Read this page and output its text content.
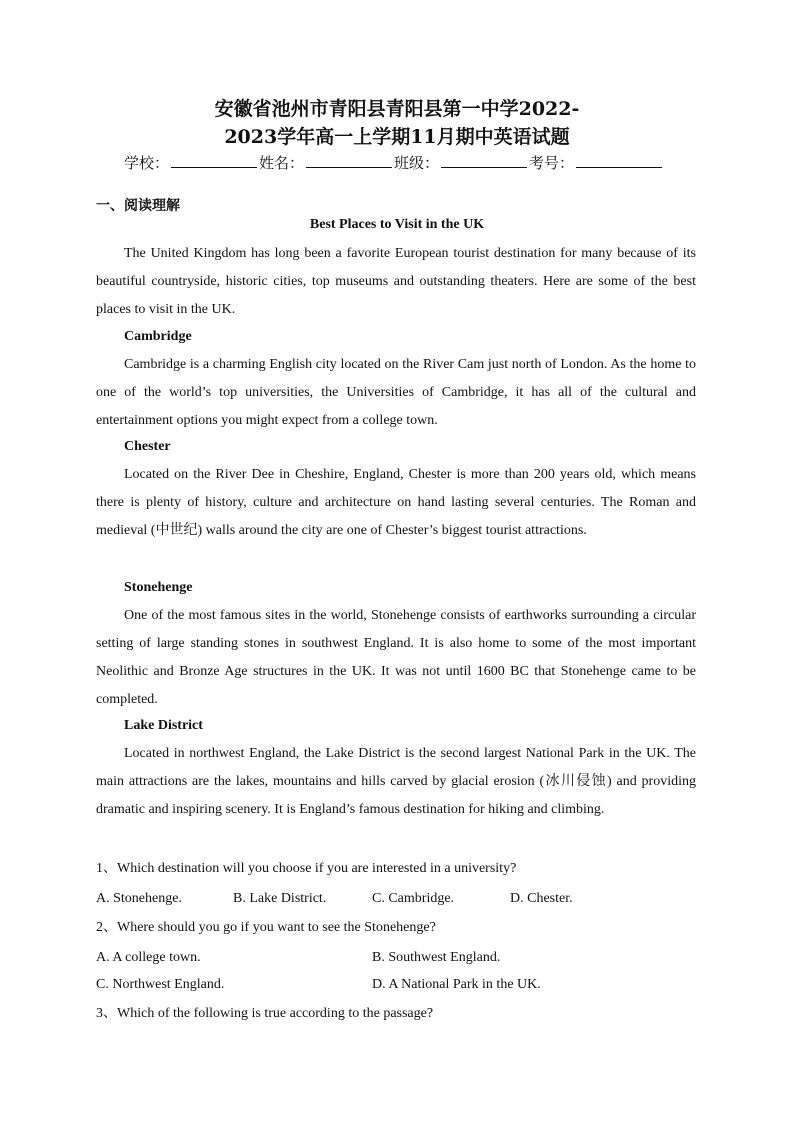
安徽省池州市青阳县青阳县第一中学2022-
2023学年高一上学期11月期中英语试题
学校：	姓名：	班级：	考号：
一、阅读理解
Best Places to Visit in the UK

The United Kingdom has long been a favorite European tourist destination for many because of its beautiful countryside, historic cities, top museums and outstanding theaters. Here are some of the best places to visit in the UK.

Cambridge

Cambridge is a charming English city located on the River Cam just north of London. As the home to one of the world’s top universities, the Universities of Cambridge, it has all of the cultural and entertainment options you might expect from a college town.

Chester

Located on the River Dee in Cheshire, England, Chester is more than 200 years old, which means there is plenty of history, culture and architecture on hand lasting several centuries. The Roman and medieval (中世纪) walls around the city are one of Chester’s biggest tourist attractions.

Stonehenge

One of the most famous sites in the world, Stonehenge consists of earthworks surrounding a circular setting of large standing stones in southwest England. It is also home to some of the most important Neolithic and Bronze Age structures in the UK. It was not until 1600 BC that Stonehenge came to be completed.

Lake District

Located in northwest England, the Lake District is the second largest National Park in the UK. The main attractions are the lakes, mountains and hills carved by glacial erosion (冰川侵蚀) and providing dramatic and inspiring scenery. It is England’s famous destination for hiking and climbing.

1、Which destination will you choose if you are interested in a university?
A. Stonehenge.	B. Lake District.	C. Cambridge.	D. Chester.
2、Where should you go if you want to see the Stonehenge?
A. A college town.	B. Southwest England.
C. Northwest England.	D. A National Park in the UK.
3、Which of the following is true according to the passage?
